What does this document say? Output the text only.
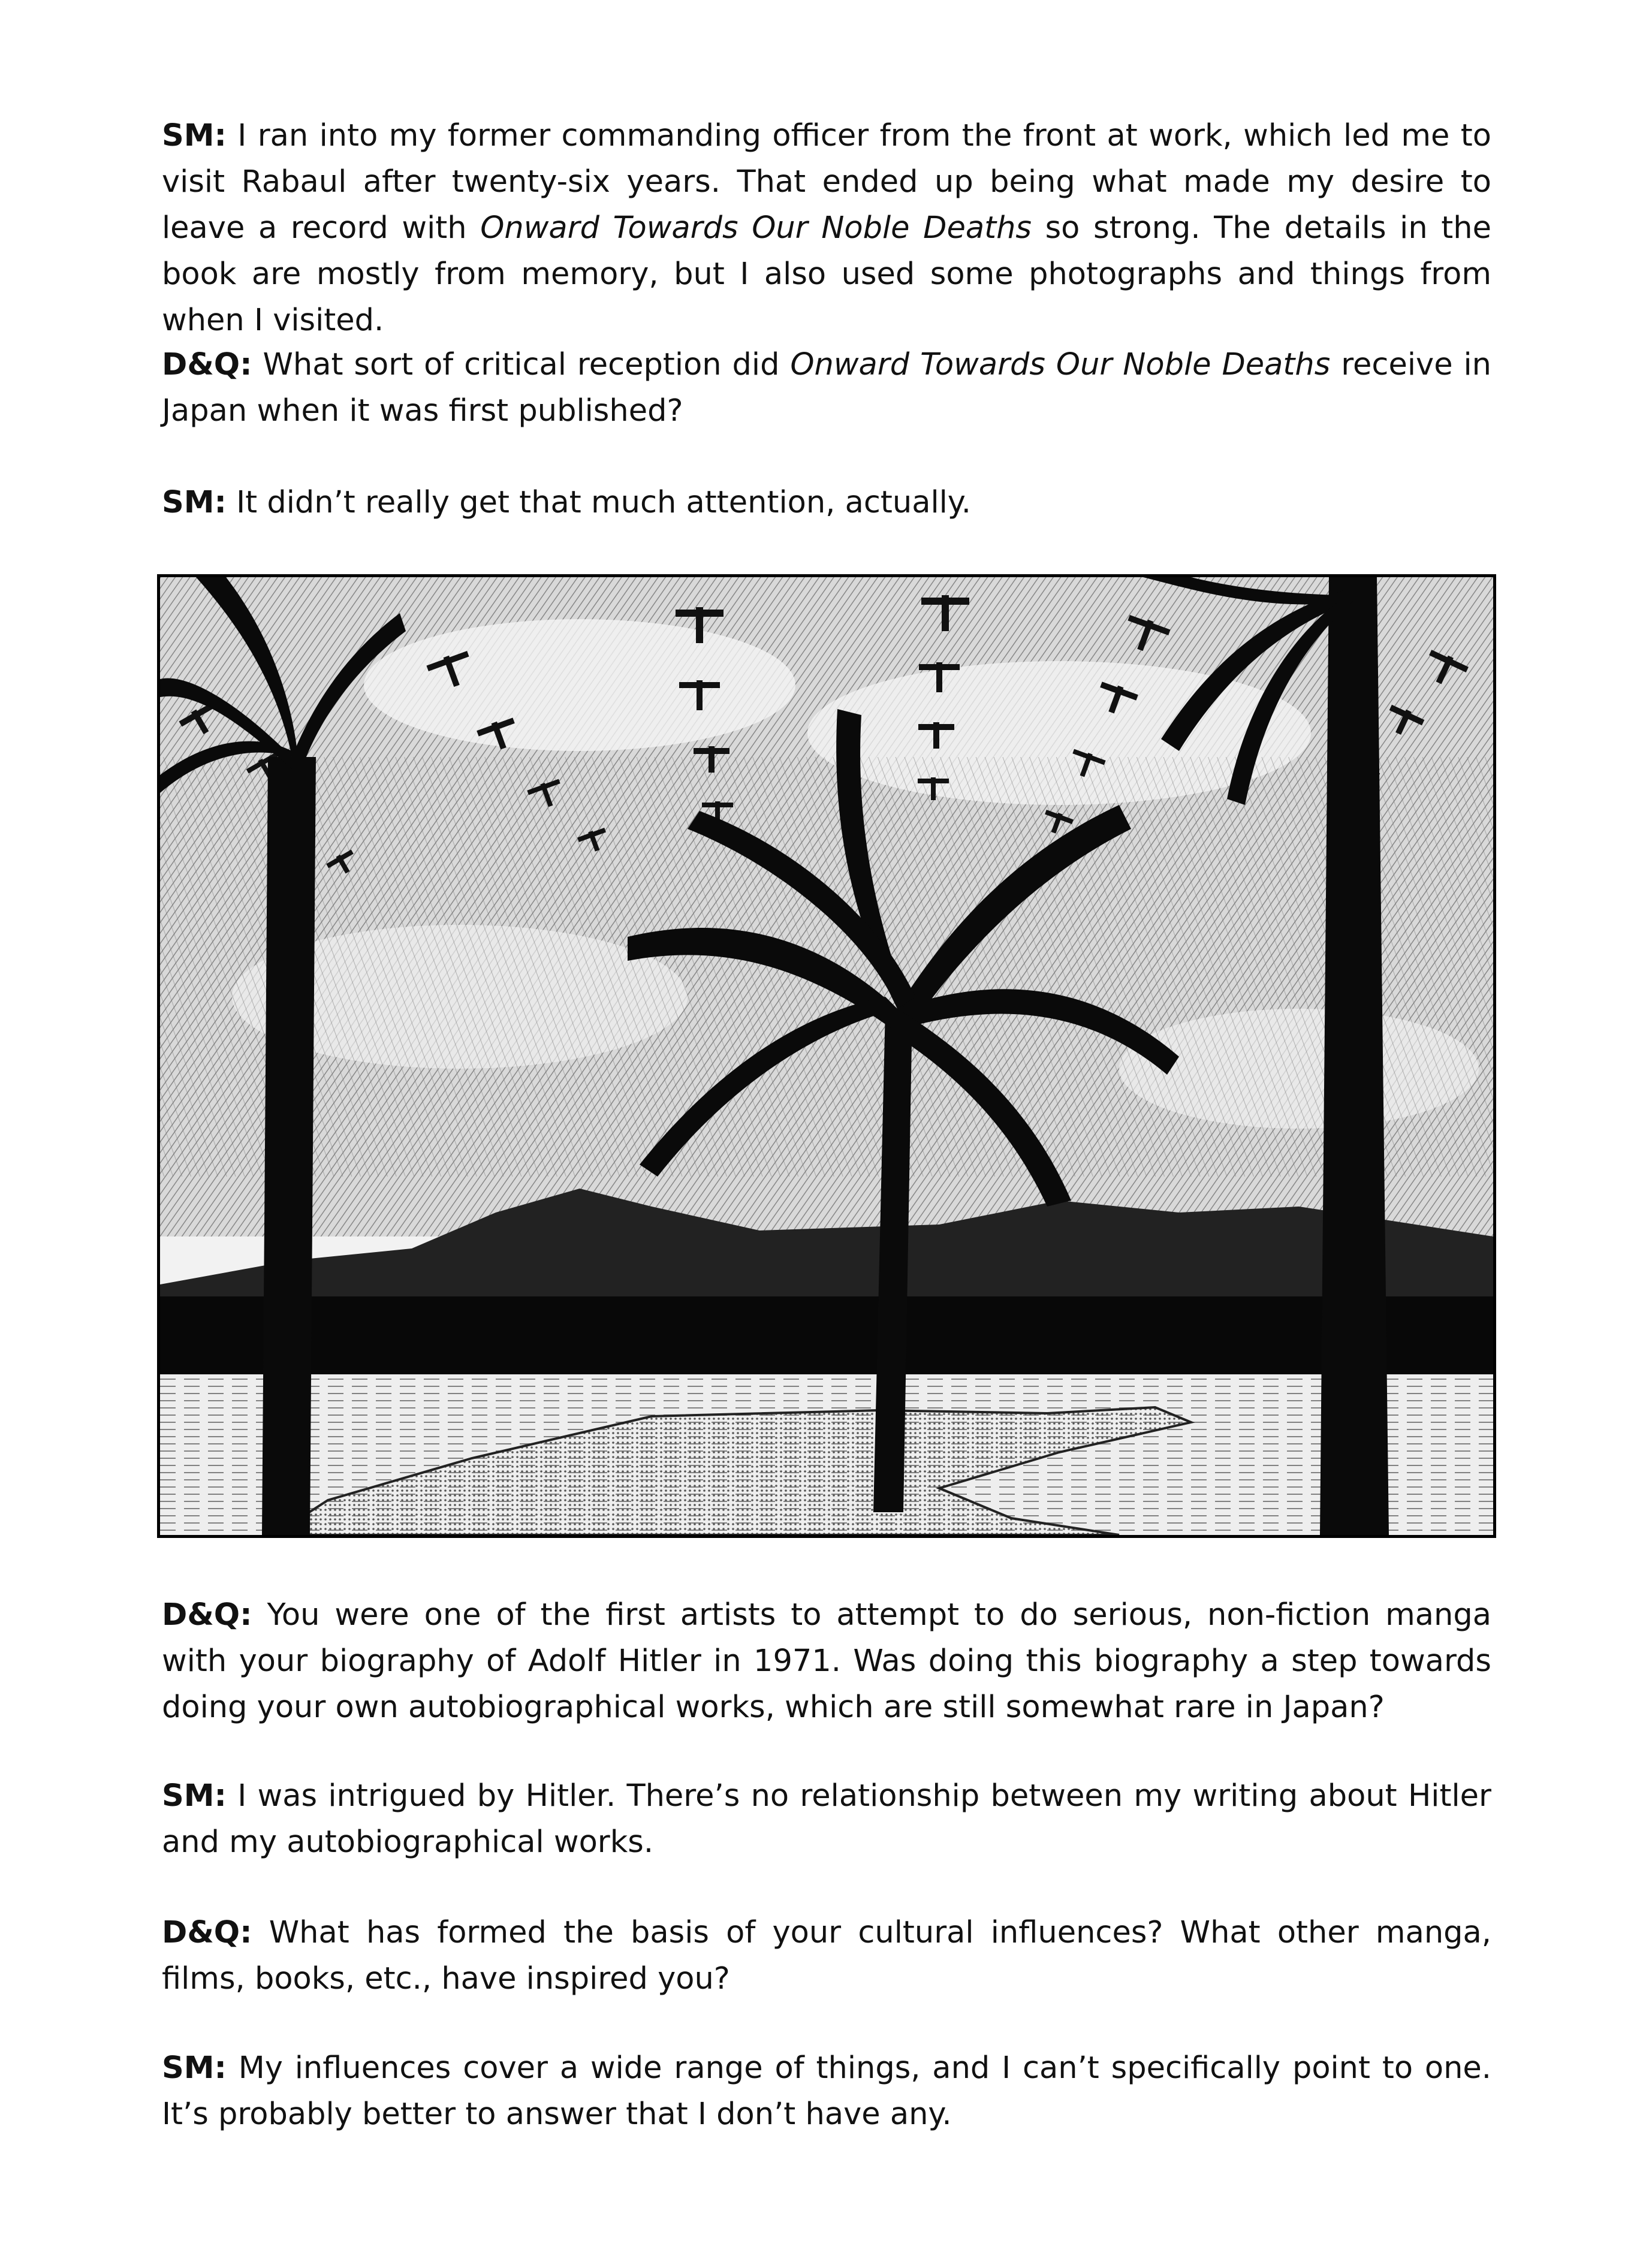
SM: I ran into my former commanding officer from the front at work, which led me to visit Rabaul after twenty-six years. That ended up being what made my desire to leave a record with Onward Towards Our Noble Deaths so strong. The details in the book are mostly from memory, but I also used some photographs and things from when I visited.

D&Q: What sort of critical reception did Onward Towards Our Noble Deaths receive in Japan when it was first published?

SM: It didn’t really get that much attention, actually.

D&Q: You were one of the first artists to attempt to do serious, non-fiction manga with your biography of Adolf Hitler in 1971. Was doing this biography a step towards doing your own autobiographical works, which are still somewhat rare in Japan?

SM: I was intrigued by Hitler. There’s no relationship between my writing about Hitler and my autobiographical works.

D&Q: What has formed the basis of your cultural influences? What other manga, films, books, etc., have inspired you?

SM: My influences cover a wide range of things, and I can’t specifically point to one. It’s probably better to answer that I don’t have any.
